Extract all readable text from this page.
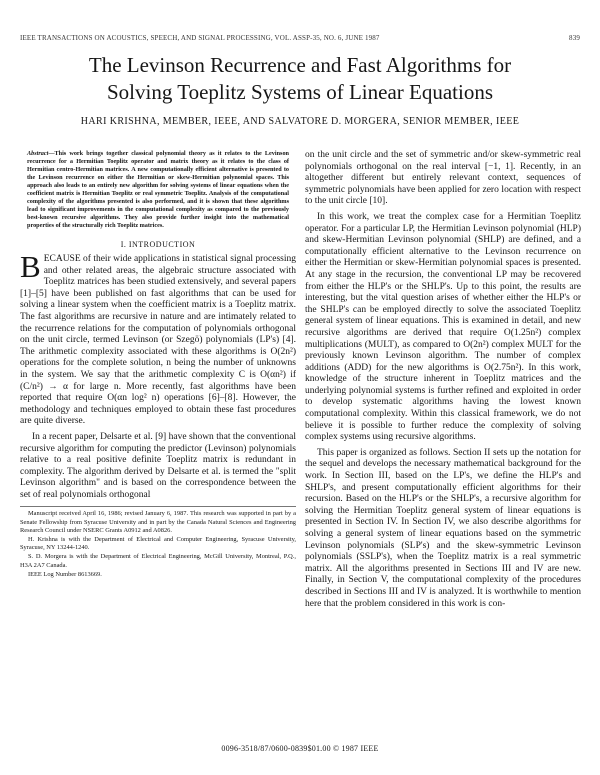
IEEE TRANSACTIONS ON ACOUSTICS, SPEECH, AND SIGNAL PROCESSING, VOL. ASSP-35, NO. 6, JUNE 1987	839
The Levinson Recurrence and Fast Algorithms for
Solving Toeplitz Systems of Linear Equations
HARI KRISHNA, MEMBER, IEEE, AND SALVATORE D. MORGERA, SENIOR MEMBER, IEEE
Abstract—This work brings together classical polynomial theory as it relates to the Levinson recurrence for a Hermitian Toeplitz operator and matrix theory as it relates to the class of Hermitian centro-Hermitian matrices. A new computationally efficient alternative is presented to the Levinson recurrence on either the Hermitian or skew-Hermitian polynomial spaces. This approach also leads to an entirely new algorithm for solving systems of linear equations when the coefficient matrix is Hermitian Toeplitz or real symmetric Toeplitz. Analysis of the computational complexity of the algorithms presented is also performed, and it is shown that these algorithms lead to significant improvements in the computational complexity as compared to the previously best-known recursive algorithms. They also provide further insight into the mathematical properties of the structurally rich Toeplitz matrices.
I. INTRODUCTION

BECAUSE of their wide applications in statistical signal processing and other related areas, the algebraic structure associated with Toeplitz matrices has been studied extensively, and several papers [1]–[5] have been published on fast algorithms that can be used for solving a linear system when the coefficient matrix is a Toeplitz matrix. The fast algorithms are recursive in nature and are intimately related to the recurrence relations for the computation of polynomials orthogonal on the unit circle, termed Levinson (or Szegö) polynomials (LP's) [4]. The arithmetic complexity associated with these algorithms is O(2n²) operations for the complete solution, n being the number of unknowns in the system. We say that the arithmetic complexity C is O(αn²) if (C/n²) → α for large n. More recently, fast algorithms have been reported that require O(αn log² n) operations [6]–[8]. However, the methodology and techniques employed to obtain these fast procedures are quite diverse.

In a recent paper, Delsarte et al. [9] have shown that the conventional recursive algorithm for computing the predictor (Levinson) polynomials relative to a real positive definite Toeplitz matrix is redundant in complexity. The algorithm derived by Delsarte et al. is termed the "split Levinson algorithm" and is based on the correspondence between the set of real polynomials orthogonal

Manuscript received April 16, 1986; revised January 6, 1987. This research was supported in part by a Senate Fellowship from Syracuse University and in part by the Canada Natural Sciences and Engineering Research Council under NSERC Grants A0912 and A0826.

H. Krishna is with the Department of Electrical and Computer Engineering, Syracuse University, Syracuse, NY 13244-1240.

S. D. Morgera is with the Department of Electrical Engineering, McGill University, Montreal, P.Q., H3A 2A7 Canada.

IEEE Log Number 8613669.

on the unit circle and the set of symmetric and/or skew-symmetric real polynomials orthogonal on the real interval [−1, 1]. Recently, in an altogether different but entirely relevant context, sequences of symmetric polynomials have been applied for zero location with respect to the unit circle [10].

In this work, we treat the complex case for a Hermitian Toeplitz operator. For a particular LP, the Hermitian Levinson polynomial (HLP) and skew-Hermitian Levinson polynomial (SHLP) are defined, and a computationally efficient alternative to the Levinson recurrence on either the Hermitian or skew-Hermitian polynomial spaces is presented. At any stage in the recursion, the conventional LP may be recovered from either the HLP's or the SHLP's. Up to this point, the results are interesting, but the vital question arises of whether either the HLP's or the SHLP's can be employed directly to solve the associated Toeplitz general system of linear equations. This is examined in detail, and new recursive algorithms are derived that require O(1.25n²) complex multiplications (MULT), as compared to O(2n²) complex MULT for the previously known Levinson algorithm. The number of complex additions (ADD) for the new algorithms is O(2.75n²). In this work, knowledge of the structure inherent in Toeplitz matrices and the underlying polynomial systems is further refined and exploited in order to develop systematic algorithms having the lowest known computational complexity. Within this classical framework, we do not believe it is possible to further reduce the complexity of solving complex systems using recursive algorithms.

This paper is organized as follows. Section II sets up the notation for the sequel and develops the necessary mathematical background for the work. In Section III, based on the LP's, we define the HLP's and SHLP's, and present computationally efficient algorithms for their recursion. Based on the HLP's or the SHLP's, a recursive algorithm for solving the Hermitian Toeplitz general system of linear equations is presented in Section IV. In Section IV, we also describe algorithms for solving a general system of linear equations based on the symmetric Levinson polynomials (SLP's) and the skew-symmetric Levinson polynomials (SSLP's), when the Toeplitz matrix is a real symmetric matrix. All the algorithms presented in Sections III and IV are new. Finally, in Section V, the computational complexity of the procedures described in Sections III and IV is analyzed. It is worthwhile to mention here that the problem considered in this work is con-

0096-3518/87/0600-0839$01.00 © 1987 IEEE
